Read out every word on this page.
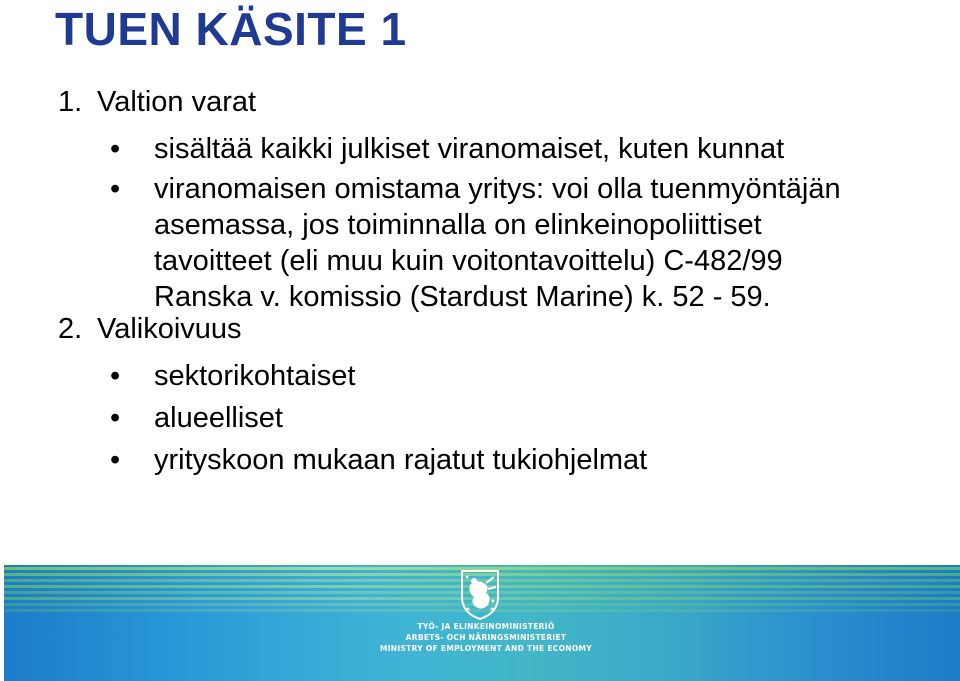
TUEN KÄSITE 1
1. Valtion varat
• sisältää kaikki julkiset viranomaiset, kuten kunnat
• viranomaisen omistama yritys: voi olla tuenmyöntäjän
asemassa, jos toiminnalla on elinkeinopoliittiset
tavoitteet (eli muu kuin voitontavoittelu) C-482/99
Ranska v. komissio (Stardust Marine) k. 52 - 59.
2. Valikoivuus
• sektorikohtaiset
• alueelliset
• yrityskoon mukaan rajatut tukiohjelmat
TYÖ- JA ELINKEINOMINISTERIÖ
ARBETS- OCH NÄRINGSMINISTERIET
MINISTRY OF EMPLOYMENT AND THE ECONOMY
